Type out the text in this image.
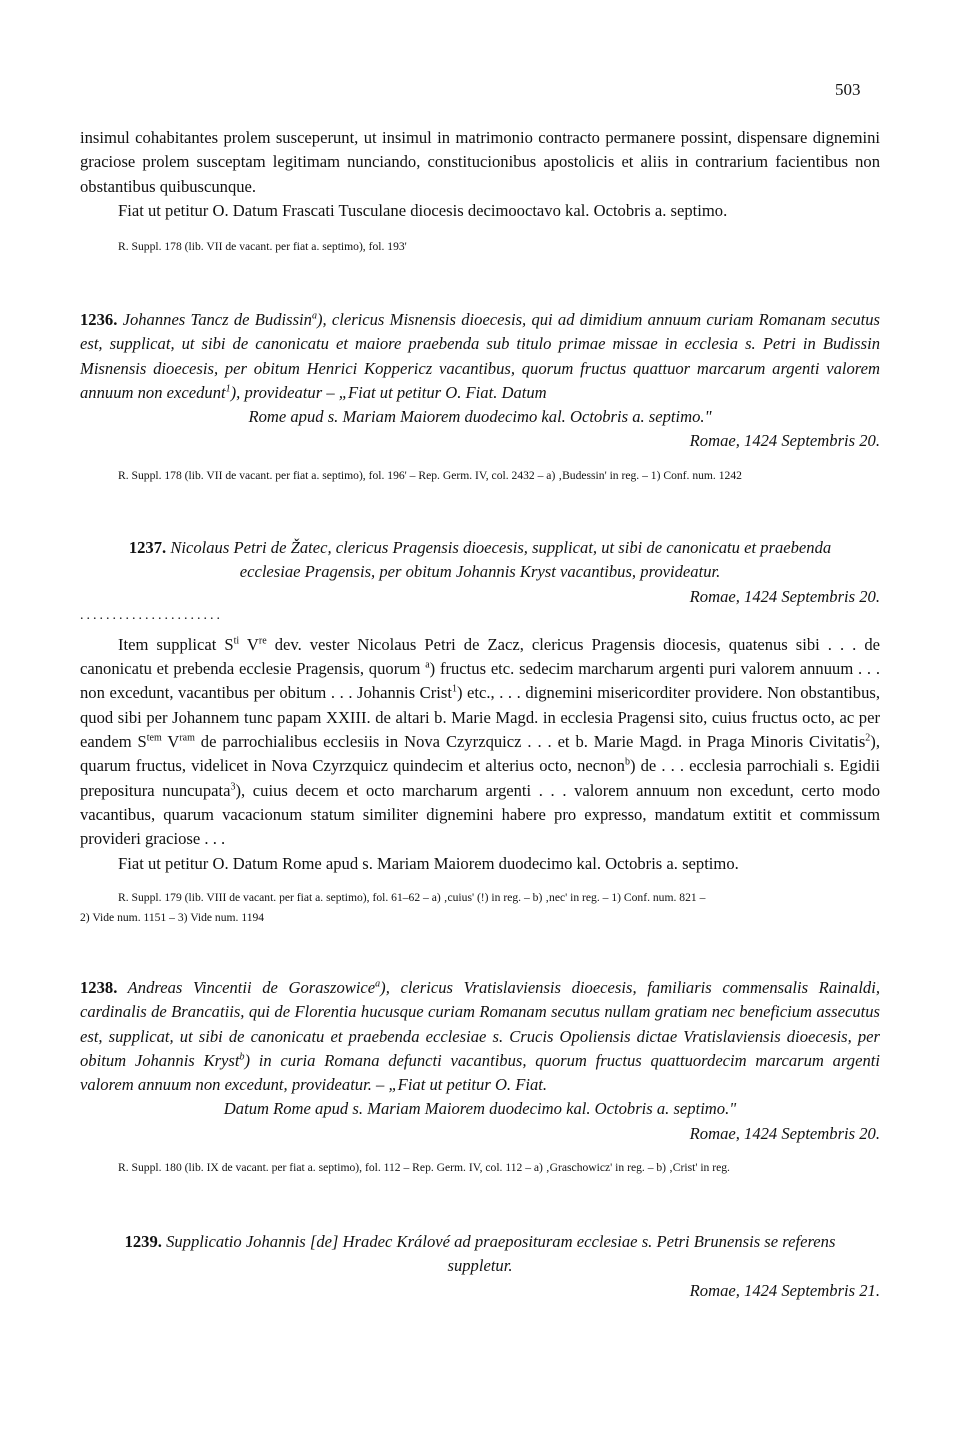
503

insimul cohabitantes prolem susceperunt, ut insimul in matrimonio contracto permanere possint, dispensare dignemini graciose prolem susceptam legitimam nunciando, constitucionibus apostolicis et aliis in contrarium facientibus non obstantibus quibuscunque.

Fiat ut petitur O. Datum Frascati Tusculane diocesis decimooctavo kal. Octobris a. septimo.

R. Suppl. 178 (lib. VII de vacant. per fiat a. septimo), fol. 193'

1236. Johannes Tancz de Budissin$^a$), clericus Misnensis dioecesis, qui ad dimidium annuum curiam Romanam secutus est, supplicat, ut sibi de canonicatu et maiore praebenda sub titulo primae missae in ecclesia s. Petri in Budissin Misnensis dioecesis, per obitum Henrici Koppericz vacantibus, quorum fructus quattuor marcarum argenti valorem annuum non excedunt$^1$), provideatur – „Fiat ut petitur O. Fiat. Datum

Rome apud s. Mariam Maiorem duodecimo kal. Octobris a. septimo."

Romae, 1424 Septembris 20.

R. Suppl. 178 (lib. VII de vacant. per fiat a. septimo), fol. 196' – Rep. Germ. IV, col. 2432 – a) ‚Budessin' in reg. – 1) Conf. num. 1242

1237. Nicolaus Petri de Žatec, clericus Pragensis dioecesis, supplicat, ut sibi de canonicatu et praebenda

ecclesiae Pragensis, per obitum Johannis Kryst vacantibus, provideatur.

Romae, 1424 Septembris 20.

......................

Item supplicat $S^{ti}$ Vre dev. vester Nicolaus Petri de Zacz, clericus Pragensis diocesis, quatenus sibi . . . de canonicatu et prebenda ecclesie Pragensis, quorum $^a$) fructus etc. sedecim marcharum argenti puri valorem annuum . . . non excedunt, vacantibus per obitum . . . Johannis Crist$^1$) etc., . . . dignemini misericorditer providere. Non obstantibus, quod sibi per Johannem tunc papam XXIII. de altari b. Marie Magd. in ecclesia Pragensi sito, cuius fructus octo, ac per eandem $S^{tem}$ $V^{ram}$ de parrochialibus ecclesiis in Nova Czyrzquicz . . . et b. Marie Magd. in Praga Minoris Civitatis$^2$), quarum fructus, videlicet in Nova Czyrzquicz quindecim et alterius octo, necnon$^b$) de . . . ecclesia parrochiali s. Egidii prepositura nuncupata$^3$), cuius decem et octo marcharum argenti . . . valorem annuum non excedunt, certo modo vacantibus, quarum vacacionum statum similiter dignemini habere pro expresso, mandatum extitit et commissum provideri graciose . . .

Fiat ut petitur O. Datum Rome apud s. Mariam Maiorem duodecimo kal. Octobris a. septimo.

R. Suppl. 179 (lib. VIII de vacant. per fiat a. septimo), fol. 61–62 – a) ‚cuius' (!) in reg. – b) ‚nec' in reg. – 1) Conf. num. 821 –

2) Vide num. 1151 – 3) Vide num. 1194

1238. Andreas Vincentii de Goraszowice$^a$), clericus Vratislaviensis dioecesis, familiaris commensalis Rainaldi, cardinalis de Brancatiis, qui de Florentia hucusque curiam Romanam secutus nullam gratiam nec beneficium assecutus est, supplicat, ut sibi de canonicatu et praebenda ecclesiae s. Crucis Opoliensis dictae Vratislaviensis dioecesis, per obitum Johannis Kryst$^b$) in curia Romana defuncti vacantibus, quorum fructus quattuordecim marcarum argenti valorem annuum non excedunt, provideatur. – „Fiat ut petitur O. Fiat.

Datum Rome apud s. Mariam Maiorem duodecimo kal. Octobris a. septimo."

Romae, 1424 Septembris 20.

R. Suppl. 180 (lib. IX de vacant. per fiat a. septimo), fol. 112 – Rep. Germ. IV, col. 112 – a) ‚Graschowicz' in reg. – b) ‚Crist' in reg.

1239. Supplicatio Johannis [de] Hradec Králové ad praeposituram ecclesiae s. Petri Brunensis se referens

suppletur.

Romae, 1424 Septembris 21.
